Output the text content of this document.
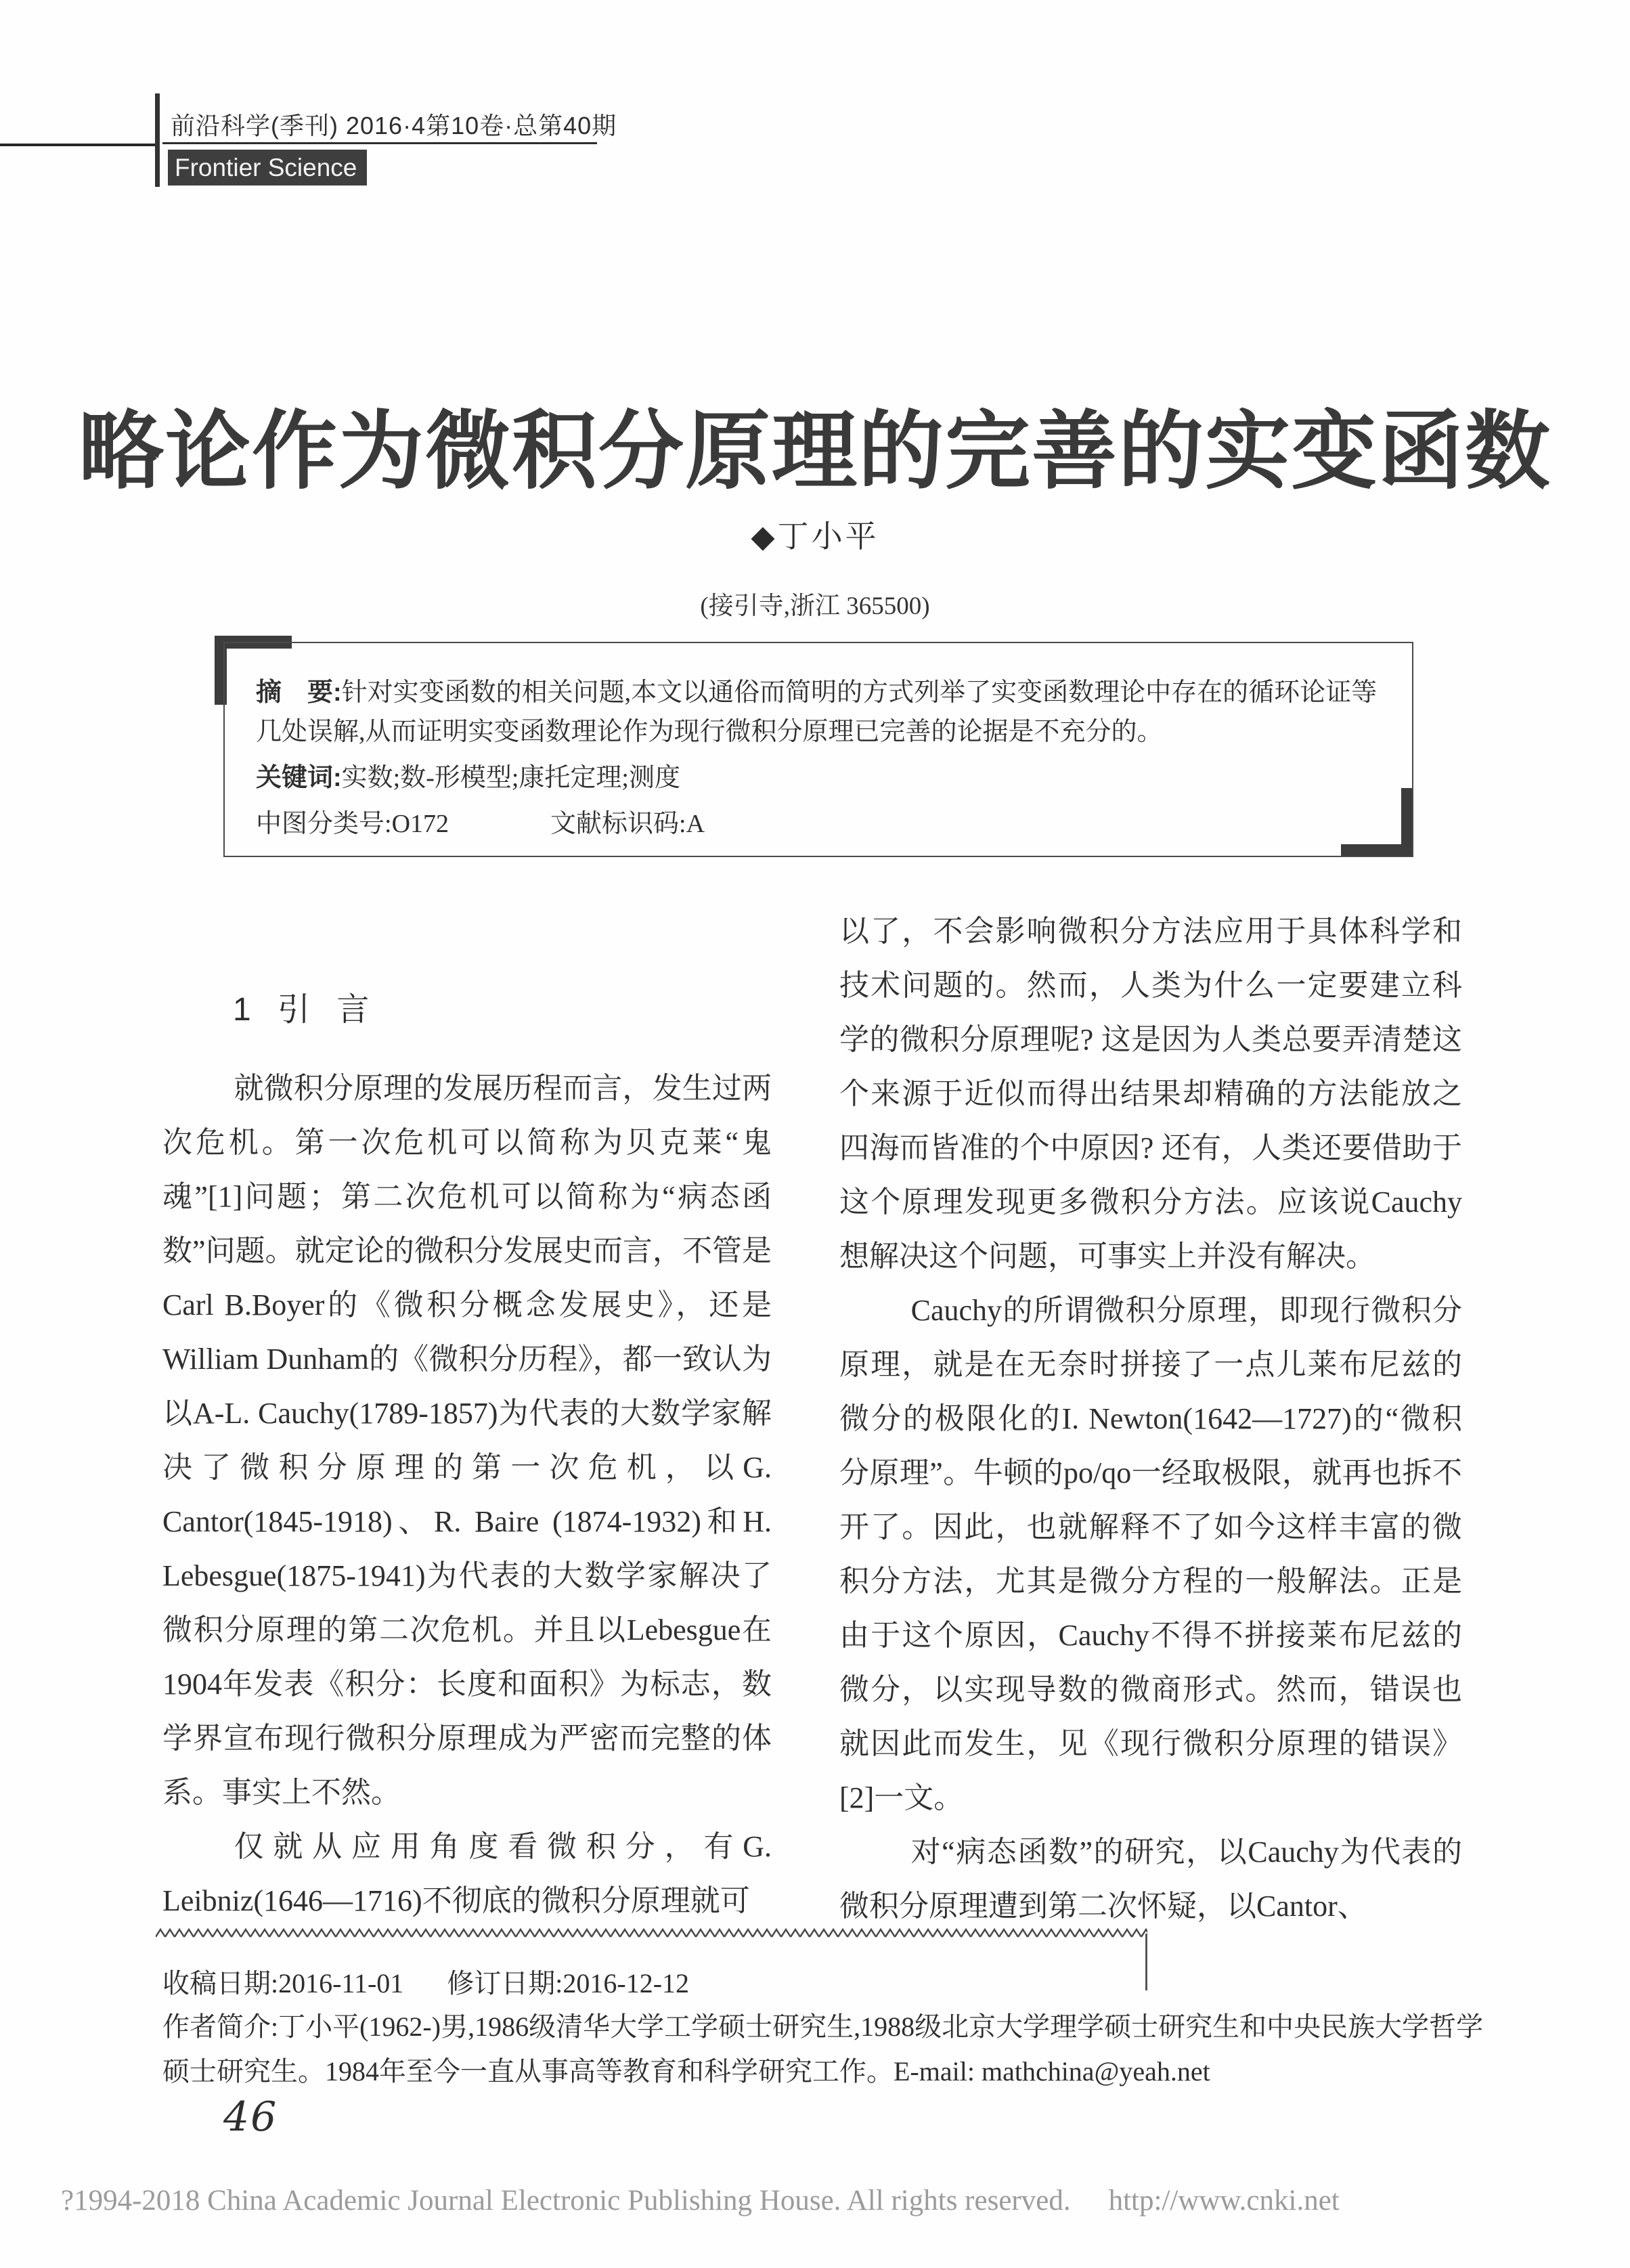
前沿科学(季刊) 2016·4第10卷·总第40期
Frontier Science
略论作为微积分原理的完善的实变函数
◆丁小平
(接引寺,浙江 365500)

摘　要:针对实变函数的相关问题,本文以通俗而简明的方式列举了实变函数理论中存在的循环论证等几处误解,从而证明实变函数理论作为现行微积分原理已完善的论据是不充分的。

关键词:实数;数-形模型;康托定理;测度

中图分类号:O172	文献标识码:A

1 引 言

就微积分原理的发展历程而言，发生过两次危机。第一次危机可以简称为贝克莱“鬼魂”[1]问题；第二次危机可以简称为“病态函数”问题。就定论的微积分发展史而言，不管是Carl B.Boyer的《微积分概念发展史》，还是William Dunham的《微积分历程》，都一致认为以A-L. Cauchy(1789-1857)为代表的大数学家解决了微积分原理的第一次危机，以G. Cantor(1845-1918)、R. Baire (1874-1932)和H. Lebesgue(1875-1941)为代表的大数学家解决了微积分原理的第二次危机。并且以Lebesgue在1904年发表《积分：长度和面积》为标志，数学界宣布现行微积分原理成为严密而完整的体系。事实上不然。

仅就从应用角度看微积分，有G. Leibniz(1646—1716)不彻底的微积分原理就可

以了，不会影响微积分方法应用于具体科学和技术问题的。然而，人类为什么一定要建立科学的微积分原理呢? 这是因为人类总要弄清楚这个来源于近似而得出结果却精确的方法能放之四海而皆准的个中原因? 还有，人类还要借助于这个原理发现更多微积分方法。应该说Cauchy想解决这个问题，可事实上并没有解决。

Cauchy的所谓微积分原理，即现行微积分原理，就是在无奈时拼接了一点儿莱布尼兹的微分的极限化的I. Newton(1642—1727)的“微积分原理”。牛顿的po/qo一经取极限，就再也拆不开了。因此，也就解释不了如今这样丰富的微积分方法，尤其是微分方程的一般解法。正是由于这个原因，Cauchy不得不拼接莱布尼兹的微分，以实现导数的微商形式。然而，错误也就因此而发生，见《现行微积分原理的错误》[2]一文。

对“病态函数”的研究，以Cauchy为代表的微积分原理遭到第二次怀疑，以Cantor、

收稿日期:2016-11-01 修订日期:2016-12-12
作者简介:丁小平(1962-)男,1986级清华大学工学硕士研究生,1988级北京大学理学硕士研究生和中央民族大学哲学
硕士研究生。1984年至今一直从事高等教育和科学研究工作。E-mail: mathchina@yeah.net
46
?1994-2018 China Academic Journal Electronic Publishing House. All rights reserved. http://www.cnki.net
